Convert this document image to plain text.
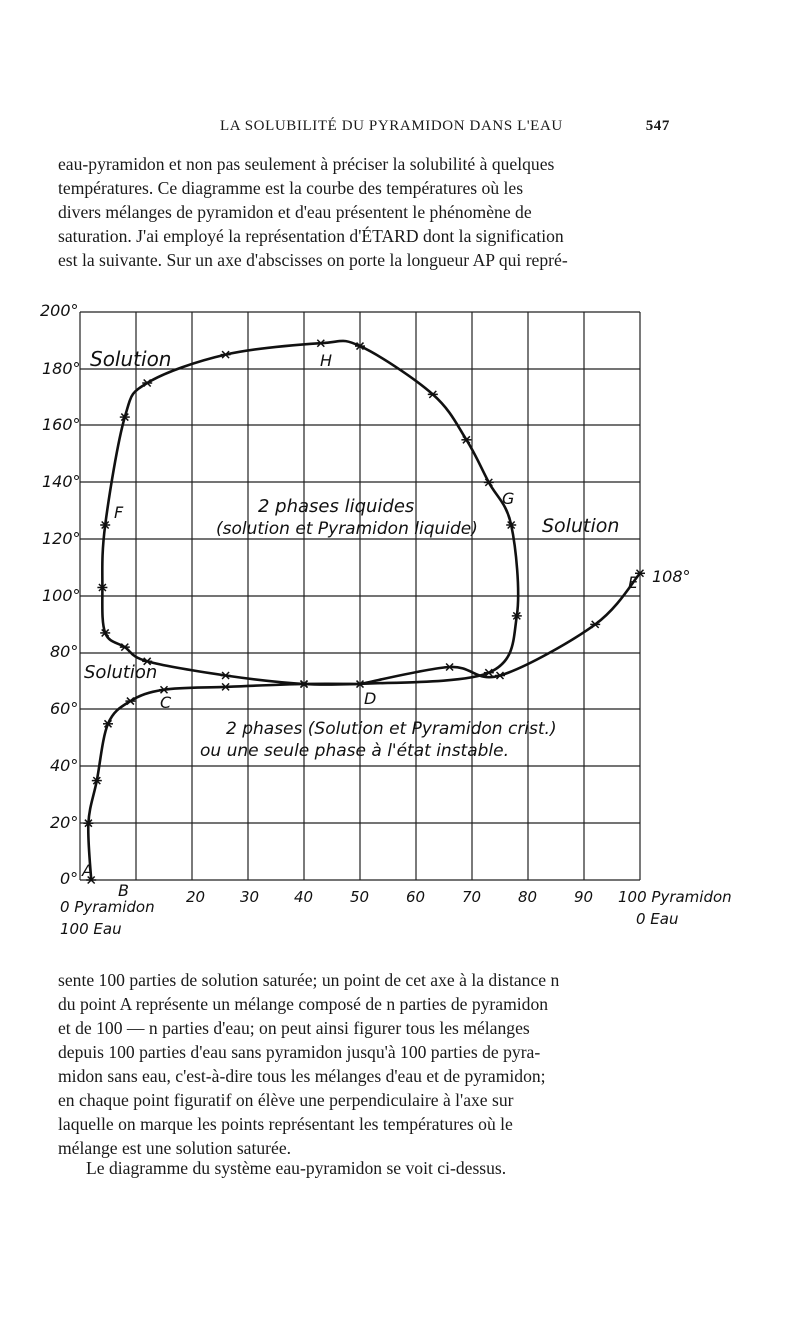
LA SOLUBILITÉ DU PYRAMIDON DANS L'EAU	547

eau-pyramidon et non pas seulement à préciser la solubilité à quelques

températures. Ce diagramme est la courbe des températures où les

divers mélanges de pyramidon et d'eau présentent le phénomène de

saturation. J'ai employé la représentation d'ÉTARD dont la signification

est la suivante. Sur un axe d'abscisses on porte la longueur AP qui repré-

0°
20°
40°
60°
80°
100°
120°
140°
160°
180°
200°
20 30 40 50 60 70 80 90
0 Pyramidon
100 Eau
100 Pyramidon
0 Eau
A
B
C	D
E 108°
F
G
H
Solution
Solution
Solution
2 phases liquides
(solution et Pyramidon liquide)
2 phases (Solution et Pyramidon crist.)
ou une seule phase à l'état instable.

sente 100 parties de solution saturée; un point de cet axe à la distance n

du point A représente un mélange composé de n parties de pyramidon

et de 100 — n parties d'eau; on peut ainsi figurer tous les mélanges

depuis 100 parties d'eau sans pyramidon jusqu'à 100 parties de pyra-

midon sans eau, c'est-à-dire tous les mélanges d'eau et de pyramidon;

en chaque point figuratif on élève une perpendiculaire à l'axe sur

laquelle on marque les points représentant les températures où le

mélange est une solution saturée.

Le diagramme du système eau-pyramidon se voit ci-dessus.
